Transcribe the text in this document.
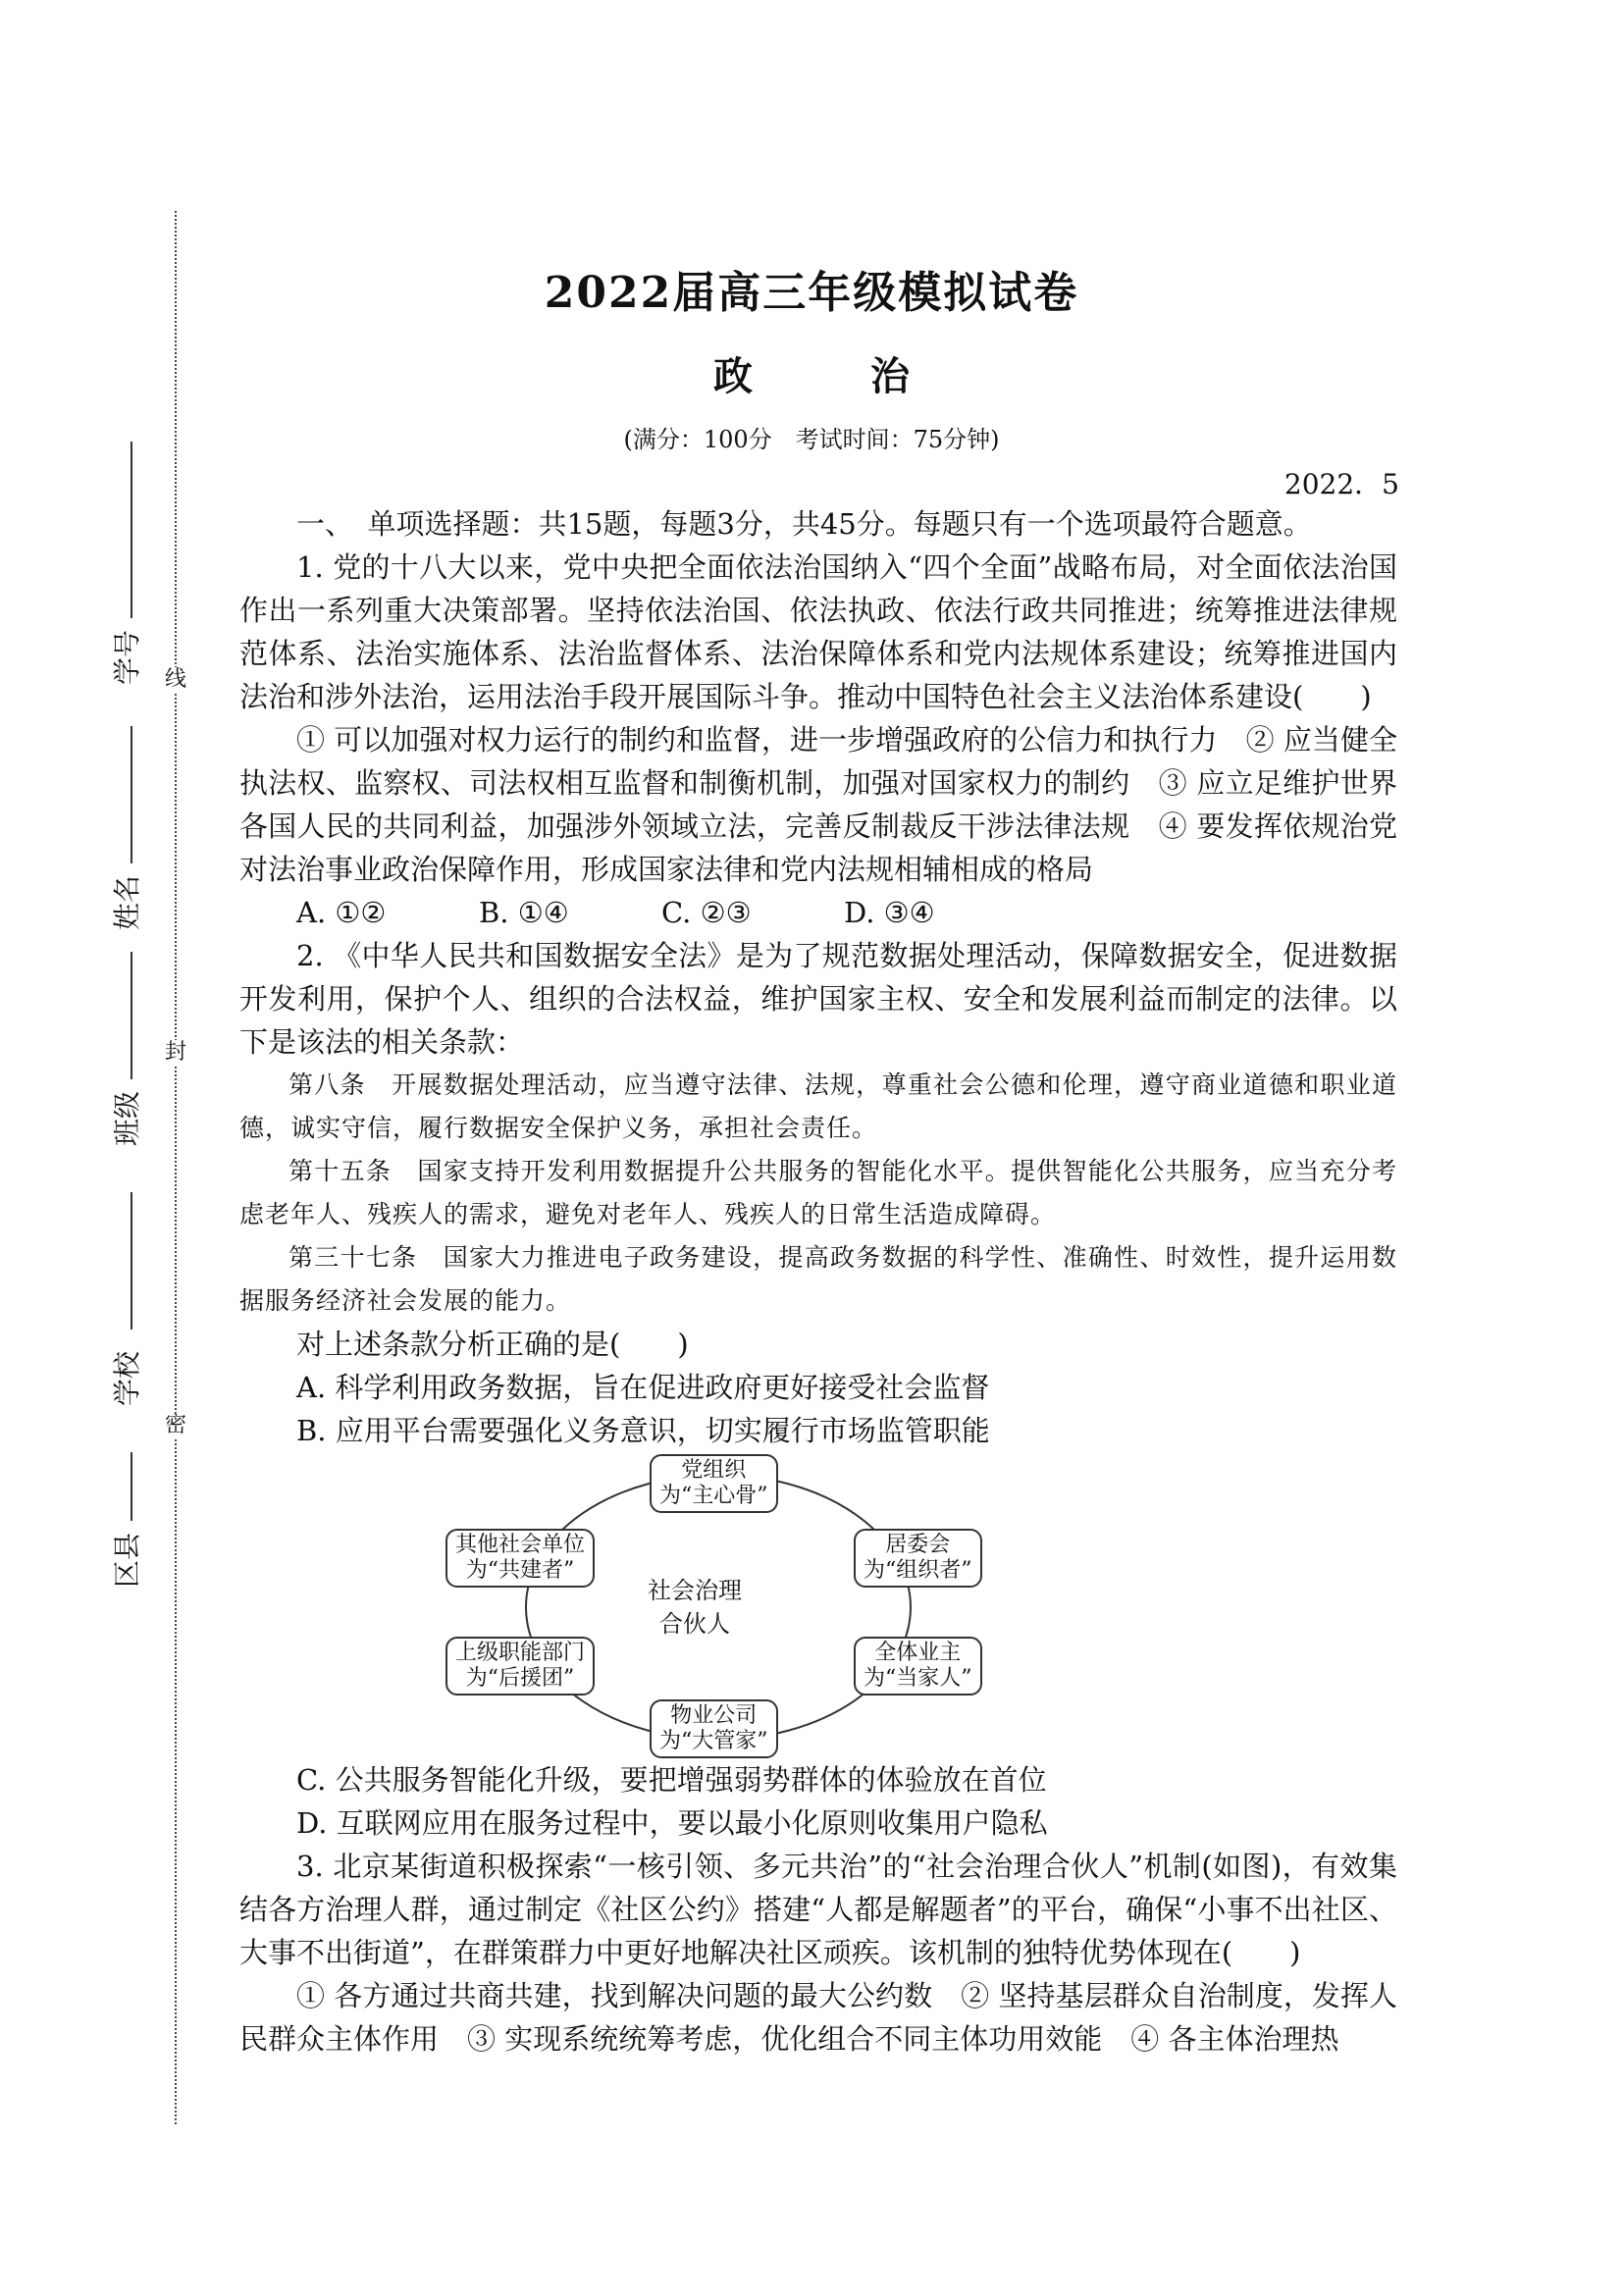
线
封
密
区县
学校
班级
姓名
学号
2022届高三年级模拟试卷
政　治
(满分：100分　考试时间：75分钟)
2022．5

一、　单项选择题：共15题，每题3分，共45分。每题只有一个选项最符合题意。

1. 党的十八大以来，党中央把全面依法治国纳入“四个全面”战略布局，对全面依法治国作出一系列重大决策部署。坚持依法治国、依法执政、依法行政共同推进；统筹推进法律规范体系、法治实施体系、法治监督体系、法治保障体系和党内法规体系建设；统筹推进国内法治和涉外法治，运用法治手段开展国际斗争。推动中国特色社会主义法治体系建设(　　)

① 可以加强对权力运行的制约和监督，进一步增强政府的公信力和执行力　② 应当健全执法权、监察权、司法权相互监督和制衡机制，加强对国家权力的制约　③ 应立足维护世界各国人民的共同利益，加强涉外领域立法，完善反制裁反干涉法律法规　④ 要发挥依规治党对法治事业政治保障作用，形成国家法律和党内法规相辅相成的格局

A. ①②	B. ①④	C. ②③	D. ③④

2. 《中华人民共和国数据安全法》是为了规范数据处理活动，保障数据安全，促进数据开发利用，保护个人、组织的合法权益，维护国家主权、安全和发展利益而制定的法律。以下是该法的相关条款：

第八条　开展数据处理活动，应当遵守法律、法规，尊重社会公德和伦理，遵守商业道德和职业道德，诚实守信，履行数据安全保护义务，承担社会责任。

第十五条　国家支持开发利用数据提升公共服务的智能化水平。提供智能化公共服务，应当充分考虑老年人、残疾人的需求，避免对老年人、残疾人的日常生活造成障碍。

第三十七条　国家大力推进电子政务建设，提高政务数据的科学性、准确性、时效性，提升运用数据服务经济社会发展的能力。

对上述条款分析正确的是(　　)

A. 科学利用政务数据，旨在促进政府更好接受社会监督

B. 应用平台需要强化义务意识，切实履行市场监管职能

社会治理
合伙人
党组织
为“主心骨”
其他社会单位
为“共建者”
居委会
为“组织者”
上级职能部门
为“后援团”
全体业主
为“当家人”
物业公司
为“大管家”

C. 公共服务智能化升级，要把增强弱势群体的体验放在首位

D. 互联网应用在服务过程中，要以最小化原则收集用户隐私

3. 北京某街道积极探索“一核引领、多元共治”的“社会治理合伙人”机制(如图)，有效集结各方治理人群，通过制定《社区公约》搭建“人都是解题者”的平台，确保“小事不出社区、大事不出街道”，在群策群力中更好地解决社区顽疾。该机制的独特优势体现在(　　)

① 各方通过共商共建，找到解决问题的最大公约数　② 坚持基层群众自治制度，发挥人民群众主体作用　③ 实现系统统筹考虑，优化组合不同主体功用效能　④ 各主体治理热
